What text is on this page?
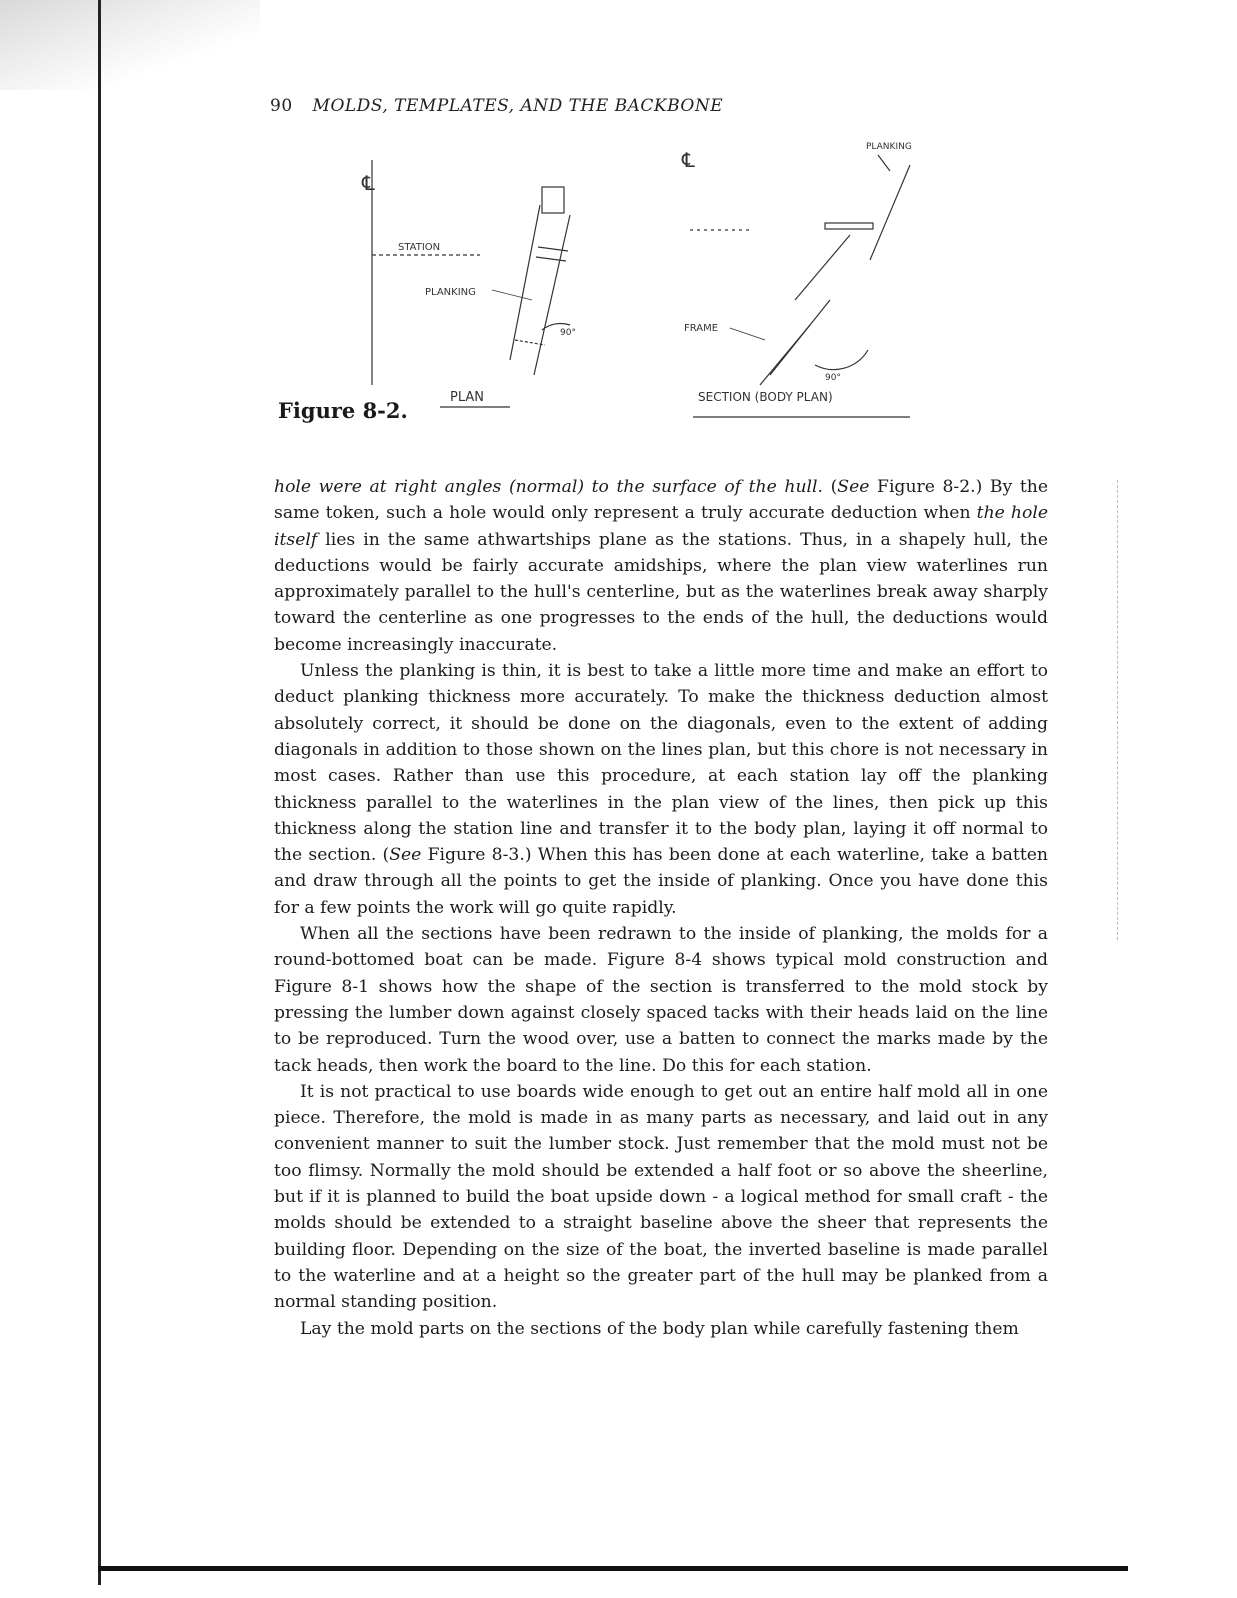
90 MOLDS, TEMPLATES, AND THE BACKBONE
℄
STATION
PLANKING
90°
PLAN
℄
PLANKING
FRAME
90°
SECTION (BODY PLAN)
Figure 8-2.

hole were at right angles (normal) to the surface of the hull. (See Figure 8-2.) By the same token, such a hole would only represent a truly accurate deduction when the hole itself lies in the same athwartships plane as the stations. Thus, in a shapely hull, the deductions would be fairly accurate amidships, where the plan view waterlines run approximately parallel to the hull's centerline, but as the waterlines break away sharply toward the centerline as one progresses to the ends of the hull, the deductions would become increasingly inaccurate.

Unless the planking is thin, it is best to take a little more time and make an effort to deduct planking thickness more accurately. To make the thickness deduction almost absolutely correct, it should be done on the diagonals, even to the extent of adding diagonals in addition to those shown on the lines plan, but this chore is not necessary in most cases. Rather than use this procedure, at each station lay off the planking thickness parallel to the waterlines in the plan view of the lines, then pick up this thickness along the station line and transfer it to the body plan, laying it off normal to the section. (See Figure 8-3.) When this has been done at each waterline, take a batten and draw through all the points to get the inside of planking. Once you have done this for a few points the work will go quite rapidly.

When all the sections have been redrawn to the inside of planking, the molds for a round-bottomed boat can be made. Figure 8-4 shows typical mold construction and Figure 8-1 shows how the shape of the section is transferred to the mold stock by pressing the lumber down against closely spaced tacks with their heads laid on the line to be reproduced. Turn the wood over, use a batten to connect the marks made by the tack heads, then work the board to the line. Do this for each station.

It is not practical to use boards wide enough to get out an entire half mold all in one piece. Therefore, the mold is made in as many parts as necessary, and laid out in any convenient manner to suit the lumber stock. Just remember that the mold must not be too flimsy. Normally the mold should be extended a half foot or so above the sheerline, but if it is planned to build the boat upside down - a logical method for small craft - the molds should be extended to a straight baseline above the sheer that represents the building floor. Depending on the size of the boat, the inverted baseline is made parallel to the waterline and at a height so the greater part of the hull may be planked from a normal standing position.

Lay the mold parts on the sections of the body plan while carefully fastening them
